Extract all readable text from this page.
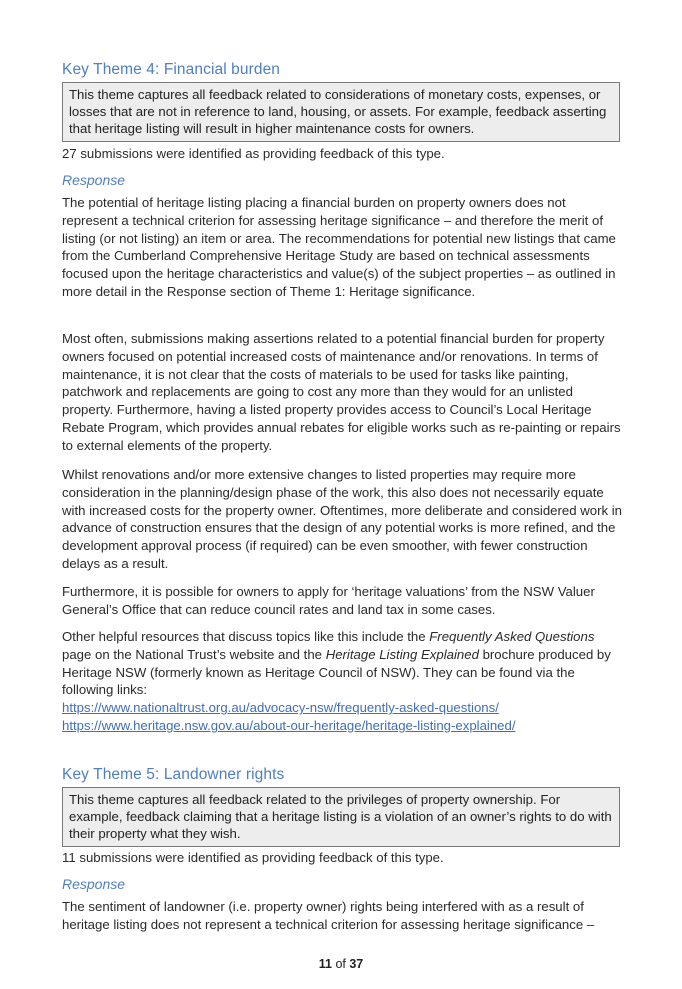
Key Theme 4: Financial burden
This theme captures all feedback related to considerations of monetary costs, expenses, or losses that are not in reference to land, housing, or assets. For example, feedback asserting that heritage listing will result in higher maintenance costs for owners.
27 submissions were identified as providing feedback of this type.
Response
The potential of heritage listing placing a financial burden on property owners does not represent a technical criterion for assessing heritage significance – and therefore the merit of listing (or not listing) an item or area. The recommendations for potential new listings that came from the Cumberland Comprehensive Heritage Study are based on technical assessments focused upon the heritage characteristics and value(s) of the subject properties – as outlined in more detail in the Response section of Theme 1: Heritage significance.
Most often, submissions making assertions related to a potential financial burden for property owners focused on potential increased costs of maintenance and/or renovations. In terms of maintenance, it is not clear that the costs of materials to be used for tasks like painting, patchwork and replacements are going to cost any more than they would for an unlisted property. Furthermore, having a listed property provides access to Council’s Local Heritage Rebate Program, which provides annual rebates for eligible works such as re-painting or repairs to external elements of the property.
Whilst renovations and/or more extensive changes to listed properties may require more consideration in the planning/design phase of the work, this also does not necessarily equate with increased costs for the property owner. Oftentimes, more deliberate and considered work in advance of construction ensures that the design of any potential works is more refined, and the development approval process (if required) can be even smoother, with fewer construction delays as a result.
Furthermore, it is possible for owners to apply for ‘heritage valuations’ from the NSW Valuer General’s Office that can reduce council rates and land tax in some cases.
Other helpful resources that discuss topics like this include the Frequently Asked Questions page on the National Trust’s website and the Heritage Listing Explained brochure produced by Heritage NSW (formerly known as Heritage Council of NSW). They can be found via the following links:
https://www.nationaltrust.org.au/advocacy-nsw/frequently-asked-questions/
https://www.heritage.nsw.gov.au/about-our-heritage/heritage-listing-explained/
Key Theme 5: Landowner rights
This theme captures all feedback related to the privileges of property ownership. For example, feedback claiming that a heritage listing is a violation of an owner’s rights to do with their property what they wish.
11 submissions were identified as providing feedback of this type.
Response
The sentiment of landowner (i.e. property owner) rights being interfered with as a result of heritage listing does not represent a technical criterion for assessing heritage significance –
11 of 37
